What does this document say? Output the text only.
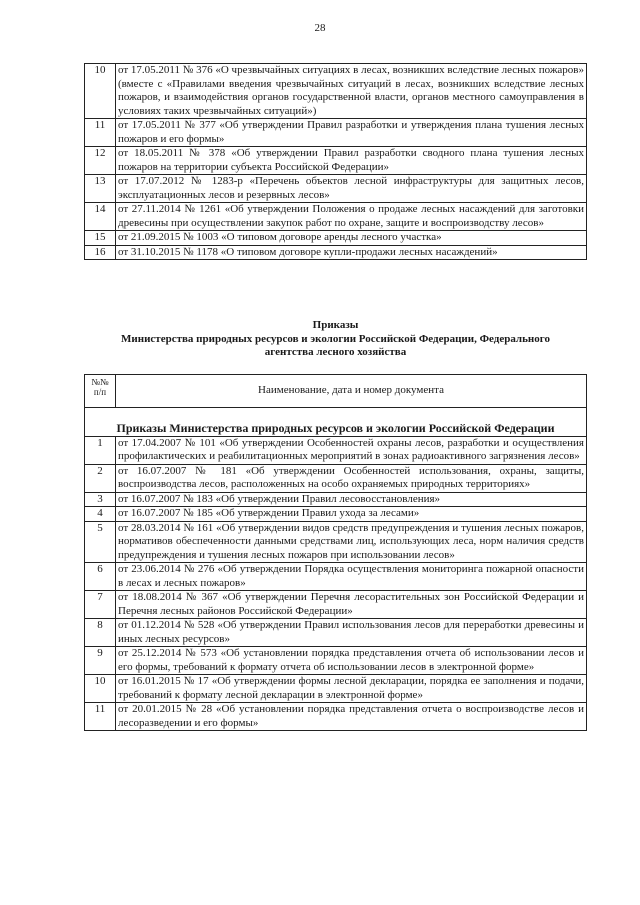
28
10	от 17.05.2011 № 376 «О чрезвычайных ситуациях в лесах, возникших вследствие лесных пожаров» (вместе с «Правилами введения чрезвычайных ситуаций в лесах, возникших вследствие лесных пожаров, и взаимодействия органов государственной власти, органов местного самоуправления в условиях таких чрезвычайных ситуаций»)
11	от 17.05.2011 № 377 «Об утверждении Правил разработки и утверждения плана тушения лесных пожаров и его формы»
12	от 18.05.2011 № 378 «Об утверждении Правил разработки сводного плана тушения лесных пожаров на территории субъекта Российской Федерации»
13	от 17.07.2012 № 1283-р «Перечень объектов лесной инфраструктуры для защитных лесов, эксплуатационных лесов и резервных лесов»
14	от 27.11.2014 № 1261 «Об утверждении Положения о продаже лесных насаждений для заготовки древесины при осуществлении закупок работ по охране, защите и воспроизводству лесов»
15	от 21.09.2015 № 1003 «О типовом договоре аренды лесного участка»
16	от 31.10.2015 № 1178 «О типовом договоре купли-продажи лесных насаждений»
Приказы
Министерства природных ресурсов и экологии Российской Федерации, Федерального
агентства лесного хозяйства
№№ п/п	Наименование, дата и номер документа
Приказы Министерства природных ресурсов и экологии Российской Федерации	
1	от 17.04.2007 № 101 «Об утверждении Особенностей охраны лесов, разработки и осуществления профилактических и реабилитационных мероприятий в зонах радиоактивного загрязнения лесов»
2	от 16.07.2007 № 181 «Об утверждении Особенностей использования, охраны, защиты, воспроизводства лесов, расположенных на особо охраняемых природных территориях»
3	от 16.07.2007 № 183 «Об утверждении Правил лесовосстановления»
4	от 16.07.2007 № 185 «Об утверждении Правил ухода за лесами»
5	от 28.03.2014 № 161 «Об утверждении видов средств предупреждения и тушения лесных пожаров, нормативов обеспеченности данными средствами лиц, использующих леса, норм наличия средств предупреждения и тушения лесных пожаров при использовании лесов»
6	от 23.06.2014 № 276 «Об утверждении Порядка осуществления мониторинга пожарной опасности в лесах и лесных пожаров»
7	от 18.08.2014 № 367 «Об утверждении Перечня лесорастительных зон Российской Федерации и Перечня лесных районов Российской Федерации»
8	от 01.12.2014 № 528 «Об утверждении Правил использования лесов для переработки древесины и иных лесных ресурсов»
9	от 25.12.2014 № 573 «Об установлении порядка представления отчета об использовании лесов и его формы, требований к формату отчета об использовании лесов в электронной форме»
10	от 16.01.2015 № 17 «Об утверждении формы лесной декларации, порядка ее заполнения и подачи, требований к формату лесной декларации в электронной форме»
11	от 20.01.2015 № 28 «Об установлении порядка представления отчета о воспроизводстве лесов и лесоразведении и его формы»
